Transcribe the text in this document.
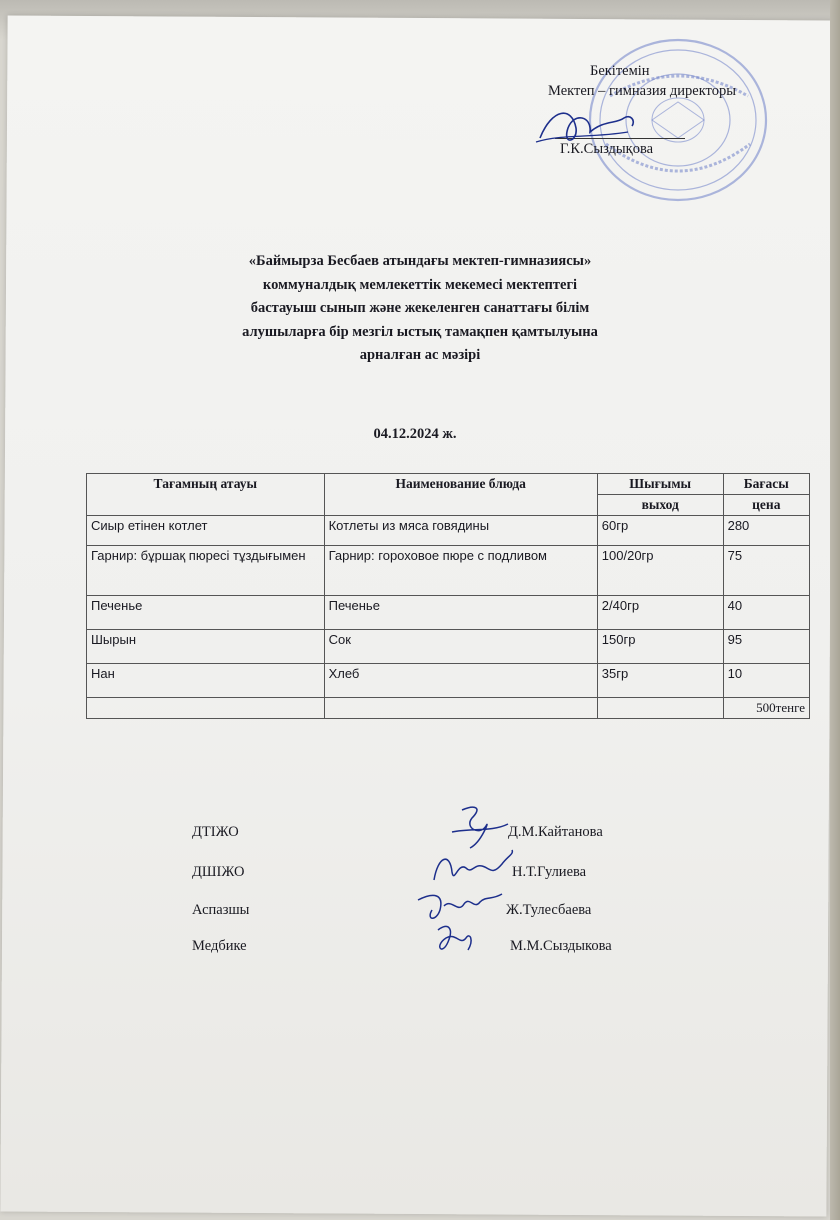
Бекітемін
Мектеп – гимназия директоры
Г.К.Сыздықова
«Баймырза Бесбаев атындағы мектеп-гимназиясы»
коммуналдық мемлекеттік мекемесі мектептегі
бастауыш сынып және жекеленген санаттағы білім
алушыларға бір мезгіл ыстық тамақпен қамтылуына
арналған ас мәзірі
04.12.2024 ж.
Тағамның атауы	Наименование блюда	Шығымы	Бағасы
		выход	цена
Сиыр етінен котлет	Котлеты из мяса говядины	60гр	280
Гарнир: бұршақ пюресі тұздығымен	Гарнир: гороховое пюре с подливом	100/20гр	75
Печенье	Печенье	2/40гр	40
Шырын	Сок	150гр	95
Нан	Хлеб	35гр	10
			500тенге
ДТІЖО	Д.М.Кайтанова
ДШІЖО	Н.Т.Гулиева
Аспазшы	Ж.Тулесбаева
Медбике	М.М.Сыздыкова
